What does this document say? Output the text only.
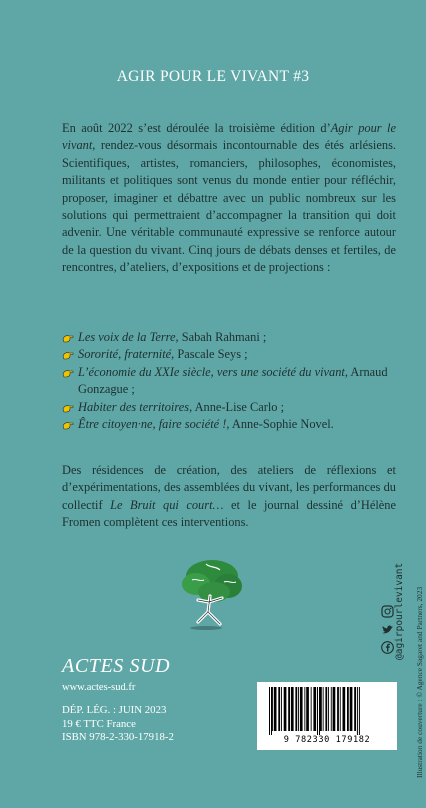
AGIR POUR LE VIVANT #3

En août 2022 s’est déroulée la troisième édition d’Agir pour le vivant, rendez-vous désormais incontournable des étés arlésiens. Scientifiques, artistes, romanciers, philosophes, économistes, militants et politiques sont venus du monde entier pour réfléchir, proposer, imaginer et débattre avec un public nombreux sur les solutions qui permettraient d’accompagner la transition qui doit advenir. Une véritable communauté expressive se renforce autour de la question du vivant. Cinq jours de débats denses et fertiles, de rencontres, d’ateliers, d’expositions et de projections :

Les voix de la Terre, Sabah Rahmani ;
Sororité, fraternité, Pascale Seys ;
L’économie du XXIe siècle, vers une société du vivant, Arnaud Gonzague ;
Habiter des territoires, Anne-Lise Carlo ;
Être citoyen·ne, faire société !, Anne-Sophie Novel.

Des résidences de création, des ateliers de réflexions et d’expérimentations, des assemblées du vivant, les performances du collectif Le Bruit qui court… et le journal dessiné d’Hélène Fromen complètent ces interventions.

@agirpourlevivant Illustration de couverture : © Agence Sagaret and Partners, 2023
ACTES SUD
www.actes-sud.fr
DÉP. LÉG. : JUIN 2023
19 € TTC France
ISBN 978-2-330-17918-2	9 782330 179182
